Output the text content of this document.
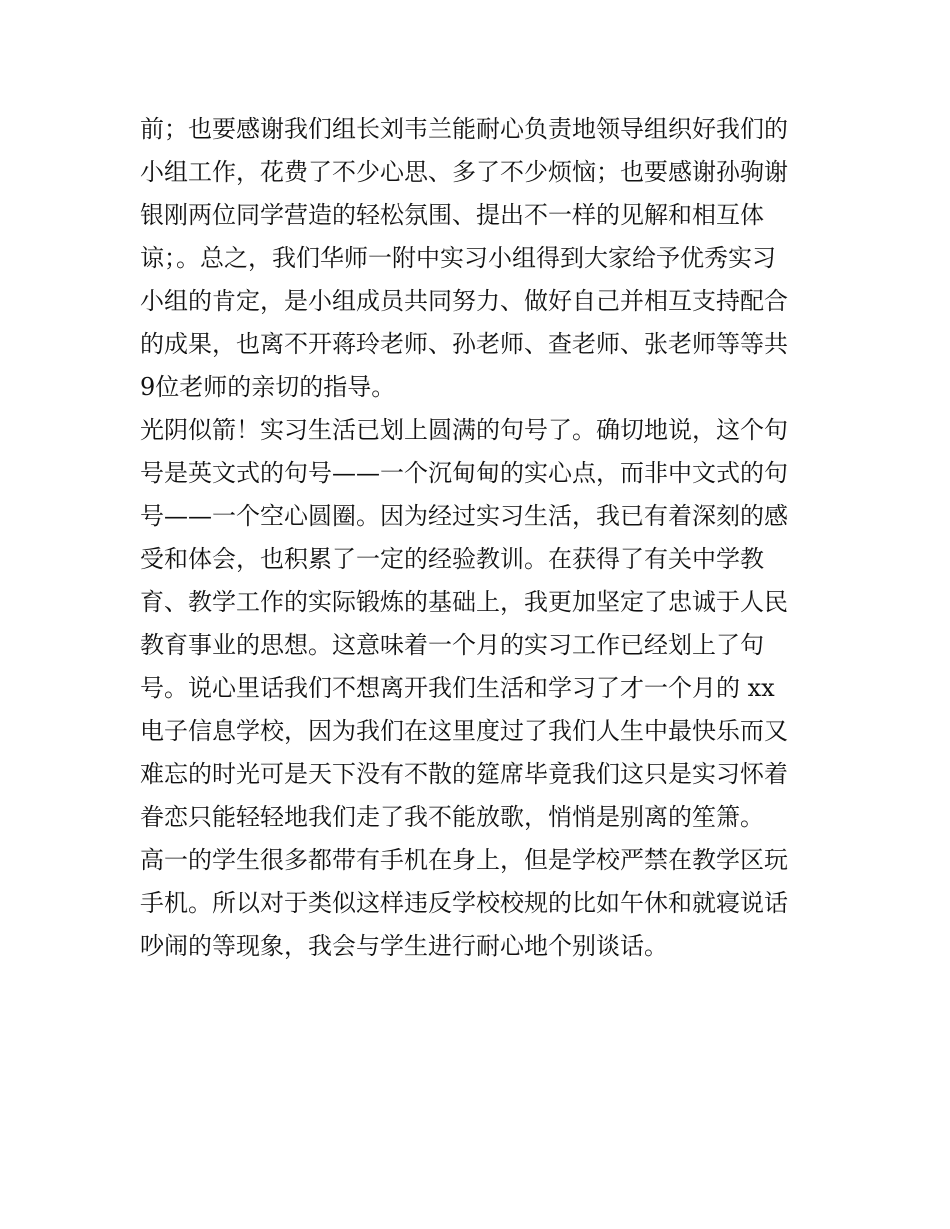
前；也要感谢我们组长刘韦兰能耐心负责地领导组织好我们的
小组工作，花费了不少心思、多了不少烦恼；也要感谢孙驹谢
银刚两位同学营造的轻松氛围、提出不一样的见解和相互体
谅；。总之，我们华师一附中实习小组得到大家给予优秀实习
小组的肯定，是小组成员共同努力、做好自己并相互支持配合
的成果，也离不开蒋玲老师、孙老师、查老师、张老师等等共
9位老师的亲切的指导。
光阴似箭！实习生活已划上圆满的句号了。确切地说，这个句
号是英文式的句号——一个沉甸甸的实心点，而非中文式的句
号——一个空心圆圈。因为经过实习生活，我已有着深刻的感
受和体会，也积累了一定的经验教训。在获得了有关中学教
育、教学工作的实际锻炼的基础上，我更加坚定了忠诚于人民
教育事业的思想。这意味着一个月的实习工作已经划上了句
号。说心里话我们不想离开我们生活和学习了才一个月的 xx
电子信息学校，因为我们在这里度过了我们人生中最快乐而又
难忘的时光可是天下没有不散的筵席毕竟我们这只是实习怀着
眷恋只能轻轻地我们走了我不能放歌，悄悄是别离的笙箫。
高一的学生很多都带有手机在身上，但是学校严禁在教学区玩
手机。所以对于类似这样违反学校校规的比如午休和就寝说话
吵闹的等现象，我会与学生进行耐心地个别谈话。
